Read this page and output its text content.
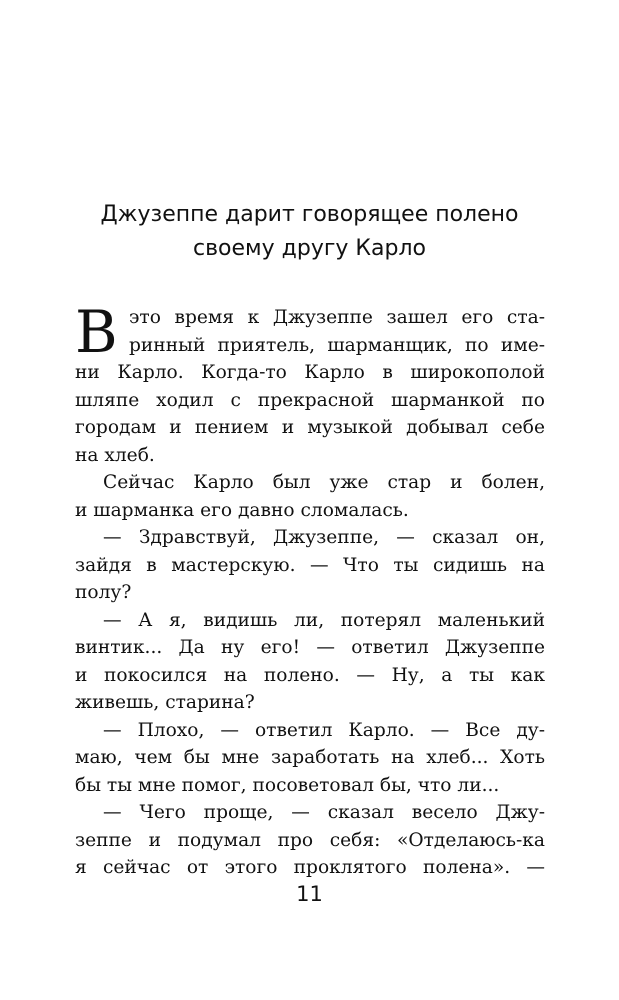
Джузеппе дарит говорящее полено
своему другу Карло
В это время к Джузеппе зашел его ста-
ринный приятель, шарманщик, по име-
ни Карло. Когда-то Карло в широкополой
шляпе ходил с прекрасной шарманкой по
городам и пением и музыкой добывал себе
на хлеб.
Сейчас Карло был уже стар и болен,
и шарманка его давно сломалась.
— Здравствуй, Джузеппе, — сказал он,
зайдя в мастерскую. — Что ты сидишь на
полу?
— А я, видишь ли, потерял маленький
винтик... Да ну его! — ответил Джузеппе
и покосился на полено. — Ну, а ты как
живешь, старина?
— Плохо, — ответил Карло. — Все ду-
маю, чем бы мне заработать на хлеб... Хоть
бы ты мне помог, посоветовал бы, что ли...
— Чего проще, — сказал весело Джу-
зеппе и подумал про себя: «Отделаюсь-ка
я сейчас от этого проклятого полена». —
11
